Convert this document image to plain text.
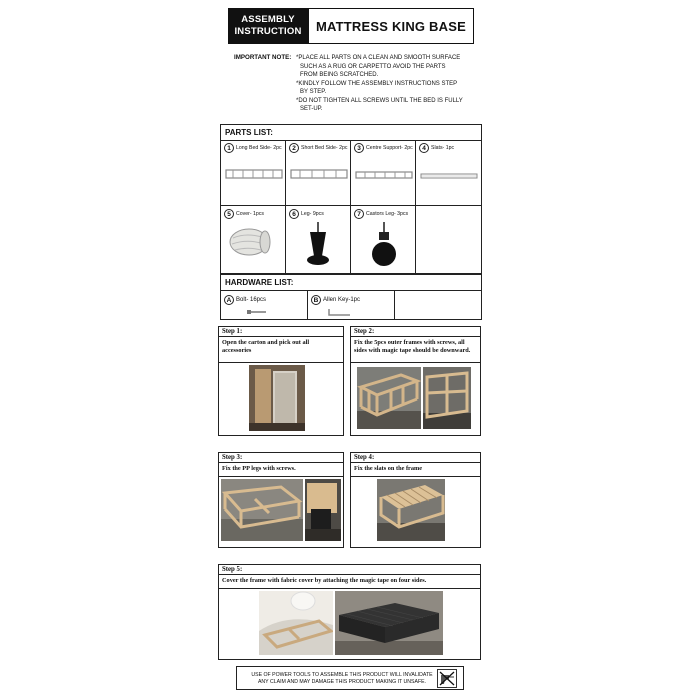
ASSEMBLY
INSTRUCTION	MATTRESS KING BASE
IMPORTANT NOTE: *PLACE ALL PARTS ON A CLEAN AND SMOOTH SURFACE
SUCH AS A RUG OR CARPETTO AVOID THE PARTS
FROM BEING SCRATCHED.
*KINDLY FOLLOW THE ASSEMBLY INSTRUCTIONS STEP
BY STEP.
*DO NOT TIGHTEN ALL SCREWS UNTIL THE BED IS FULLY
SET-UP.
PARTS LIST:
1 Long Bed Side- 2pc	2 Short Bed Side- 2pc	3 Centre Support- 2pc	4 Slats- 1pc
5 Cover- 1pcs	6 Leg- 9pcs	7 Castors Leg- 3pcs
HARDWARE LIST:
A Bolt- 16pcs	B Allen Key-1pc
Step 1:
Open the carton and pick out all accessories
Step 2:
Fix the 5pcs outer frames with screws, all sides with magic tape should be downward.
Step 3:
Fix the PP legs with screws.
Step 4:
Fix the slats on the frame
Step 5:
Cover the frame with fabric cover by attaching the magic tape on four sides.
USE OF POWER TOOLS TO ASSEMBLE THIS PRODUCT WILL INVALIDATE
ANY CLAIM AND MAY DAMAGE THIS PRODUCT MAKING IT UNSAFE.
